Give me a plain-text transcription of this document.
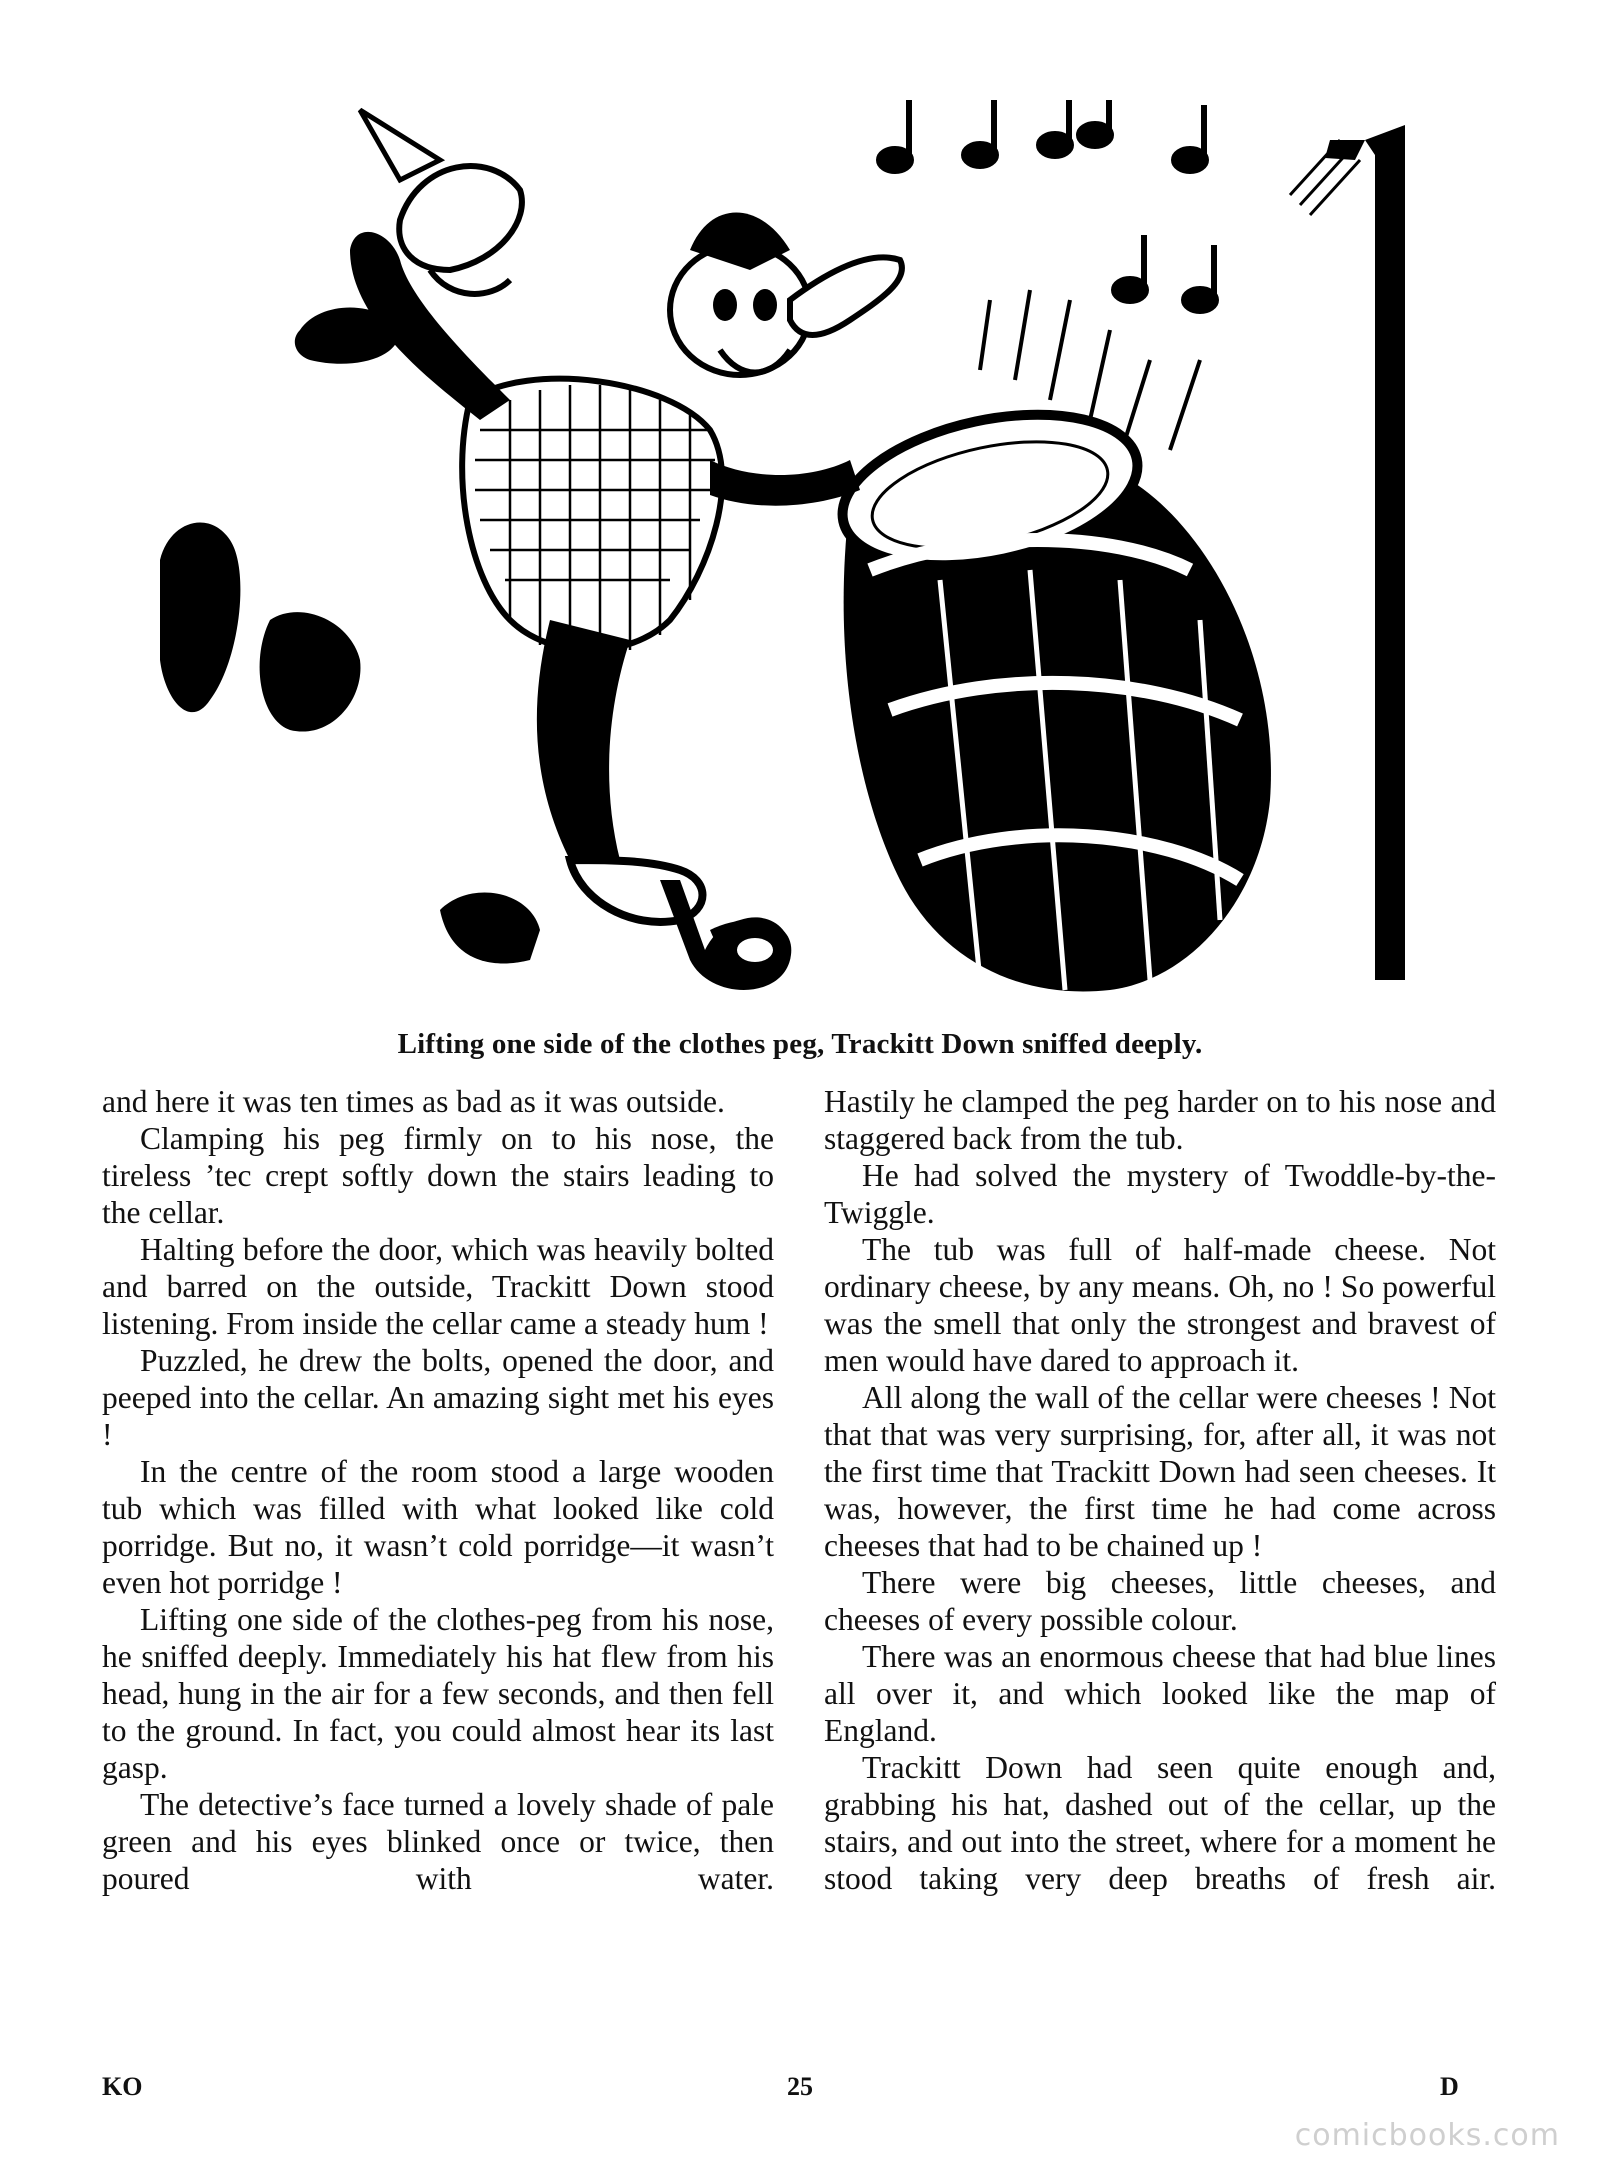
Lifting one side of the clothes peg, Trackitt Down sniffed deeply.

and here it was ten times as bad as it was outside.

Clamping his peg firmly on to his nose, the tireless ’tec crept softly down the stairs leading to the cellar.

Halting before the door, which was heavily bolted and barred on the outside, Trackitt Down stood listening. From inside the cellar came a steady hum !

Puzzled, he drew the bolts, opened the door, and peeped into the cellar. An amazing sight met his eyes !

In the centre of the room stood a large wooden tub which was filled with what looked like cold porridge. But no, it wasn’t cold porridge—it wasn’t even hot porridge !

Lifting one side of the clothes-peg from his nose, he sniffed deeply. Immediately his hat flew from his head, hung in the air for a few seconds, and then fell to the ground. In fact, you could almost hear its last gasp.

The detective’s face turned a lovely shade of pale green and his eyes blinked once or twice, then poured with water.

Hastily he clamped the peg harder on to his nose and staggered back from the tub.

He had solved the mystery of Twoddle-by-the-Twiggle.

The tub was full of half-made cheese. Not ordinary cheese, by any means. Oh, no ! So powerful was the smell that only the strongest and bravest of men would have dared to approach it.

All along the wall of the cellar were cheeses ! Not that that was very surprising, for, after all, it was not the first time that Trackitt Down had seen cheeses. It was, however, the first time he had come across cheeses that had to be chained up !

There were big cheeses, little cheeses, and cheeses of every possible colour.

There was an enormous cheese that had blue lines all over it, and which looked like the map of England.

Trackitt Down had seen quite enough and, grabbing his hat, dashed out of the cellar, up the stairs, and out into the street, where for a moment he stood taking very deep breaths of fresh air.

KO	25	D
comicbooks.com
